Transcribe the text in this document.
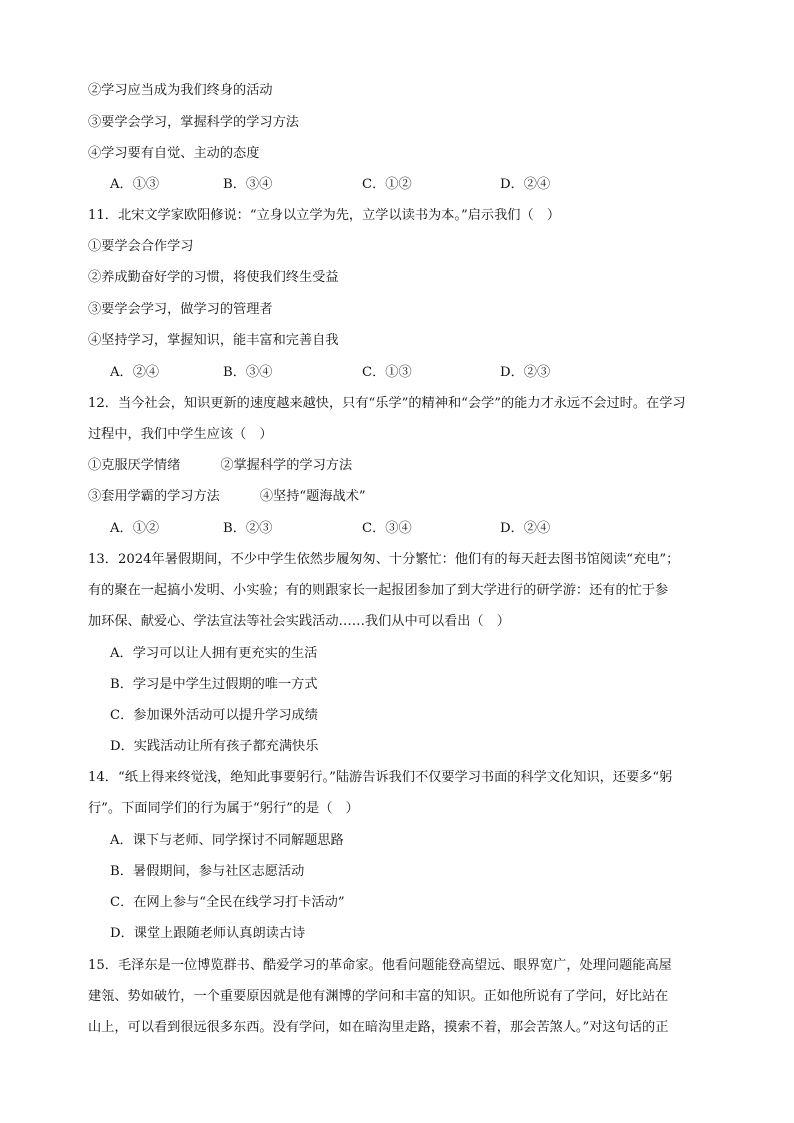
②学习应当成为我们终身的活动
③要学会学习，掌握科学的学习方法
④学习要有自觉、主动的态度
A．①③	B．③④	C．①②	D．②④
11．北宋文学家欧阳修说：“立身以立学为先，立学以读书为本。”启示我们（　）
①要学会合作学习
②养成勤奋好学的习惯，将使我们终生受益
③要学会学习，做学习的管理者
④坚持学习，掌握知识，能丰富和完善自我
A．②④	B．③④	C．①③	D．②③
12．当今社会，知识更新的速度越来越快，只有“乐学”的精神和“会学”的能力才永远不会过时。在学习
过程中，我们中学生应该（　）
①克服厌学情绪	②掌握科学的学习方法
③套用学霸的学习方法	④坚持“题海战术”
A．①②	B．②③	C．③④	D．②④
13．2024年暑假期间，不少中学生依然步履匆匆、十分繁忙：他们有的每天赶去图书馆阅读“充电”；
有的聚在一起搞小发明、小实验；有的则跟家长一起报团参加了到大学进行的研学游：还有的忙于参
加环保、献爱心、学法宣法等社会实践活动……我们从中可以看出（　）
A．学习可以让人拥有更充实的生活
B．学习是中学生过假期的唯一方式
C．参加课外活动可以提升学习成绩
D．实践活动让所有孩子都充满快乐
14．“纸上得来终觉浅，绝知此事要躬行。”陆游告诉我们不仅要学习书面的科学文化知识，还要多“躬
行”。下面同学们的行为属于“躬行”的是（　）
A．课下与老师、同学探讨不同解题思路
B．暑假期间，参与社区志愿活动
C．在网上参与“全民在线学习打卡活动”
D．课堂上跟随老师认真朗读古诗
15．毛泽东是一位博览群书、酷爱学习的革命家。他看问题能登高望远、眼界宽广，处理问题能高屋
建瓴、势如破竹，一个重要原因就是他有渊博的学问和丰富的知识。正如他所说有了学问，好比站在
山上，可以看到很远很多东西。没有学问，如在暗沟里走路，摸索不着，那会苦煞人。”对这句话的正
